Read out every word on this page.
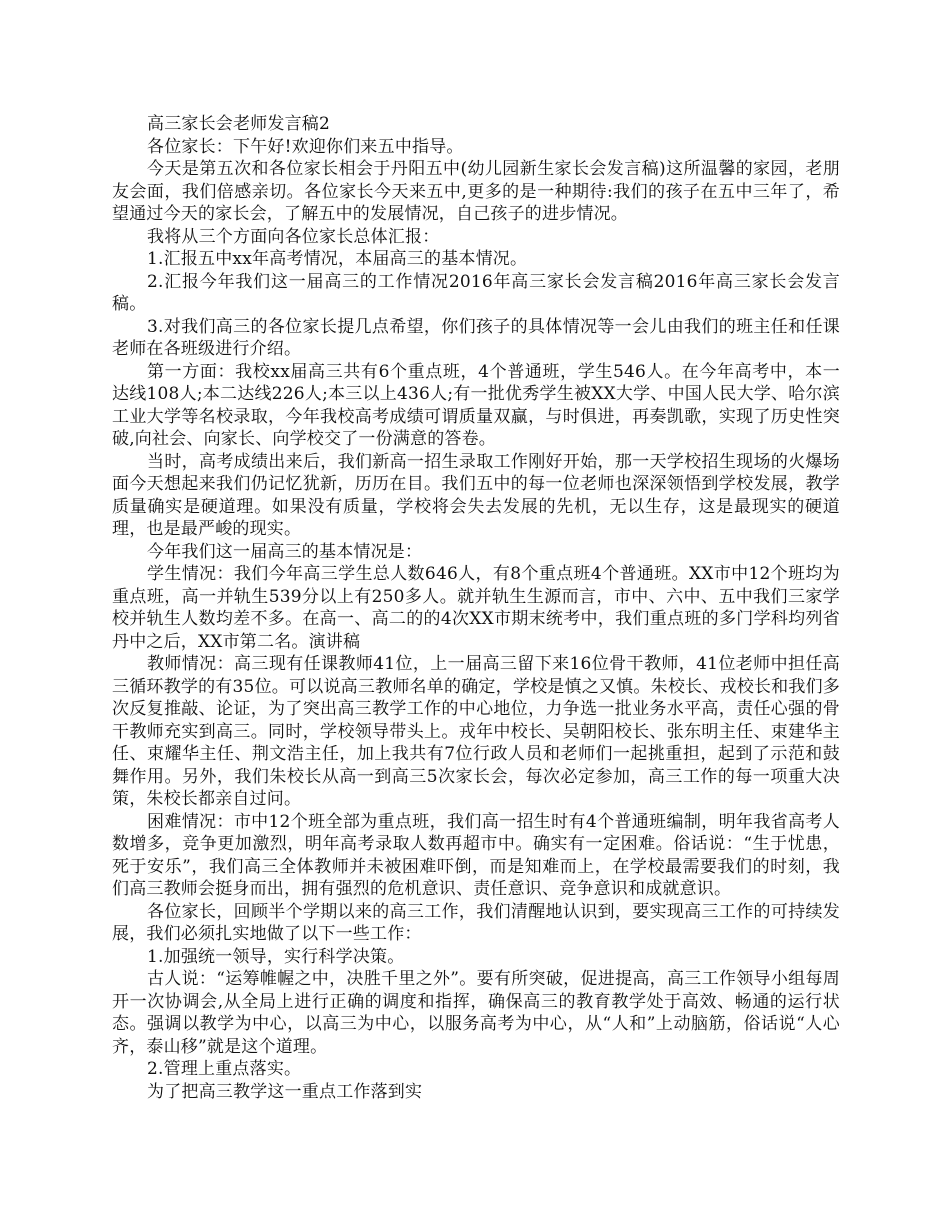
高三家长会老师发言稿2

各位家长：下午好!欢迎你们来五中指导。

今天是第五次和各位家长相会于丹阳五中(幼儿园新生家长会发言稿)这所温馨的家园，老朋友会面，我们倍感亲切。各位家长今天来五中,更多的是一种期待:我们的孩子在五中三年了，希望通过今天的家长会，了解五中的发展情况，自己孩子的进步情况。

我将从三个方面向各位家长总体汇报：

1.汇报五中xx年高考情况，本届高三的基本情况。

2.汇报今年我们这一届高三的工作情况2016年高三家长会发言稿2016年高三家长会发言稿。

3.对我们高三的各位家长提几点希望，你们孩子的具体情况等一会儿由我们的班主任和任课老师在各班级进行介绍。

第一方面：我校xx届高三共有6个重点班，4个普通班，学生546人。在今年高考中，本一达线108人;本二达线226人;本三以上436人;有一批优秀学生被XX大学、中国人民大学、哈尔滨工业大学等名校录取，今年我校高考成绩可谓质量双赢，与时俱进，再奏凯歌，实现了历史性突破,向社会、向家长、向学校交了一份满意的答卷。

当时，高考成绩出来后，我们新高一招生录取工作刚好开始，那一天学校招生现场的火爆场面今天想起来我们仍记忆犹新，历历在目。我们五中的每一位老师也深深领悟到学校发展，教学质量确实是硬道理。如果没有质量，学校将会失去发展的先机，无以生存，这是最现实的硬道理，也是最严峻的现实。

今年我们这一届高三的基本情况是：

学生情况：我们今年高三学生总人数646人，有8个重点班4个普通班。XX市中12个班均为重点班，高一并轨生539分以上有250多人。就并轨生生源而言，市中、六中、五中我们三家学校并轨生人数均差不多。在高一、高二的的4次XX市期末统考中，我们重点班的多门学科均列省丹中之后，XX市第二名。演讲稿

教师情况：高三现有任课教师41位，上一届高三留下来16位骨干教师，41位老师中担任高三循环教学的有35位。可以说高三教师名单的确定，学校是慎之又慎。朱校长、戎校长和我们多次反复推敲、论证，为了突出高三教学工作的中心地位，力争选一批业务水平高，责任心强的骨干教师充实到高三。同时，学校领导带头上。戎年中校长、吴朝阳校长、张东明主任、束建华主任、束耀华主任、荆文浩主任，加上我共有7位行政人员和老师们一起挑重担，起到了示范和鼓舞作用。另外，我们朱校长从高一到高三5次家长会，每次必定参加，高三工作的每一项重大决策，朱校长都亲自过问。

困难情况：市中12个班全部为重点班，我们高一招生时有4个普通班编制，明年我省高考人数增多，竞争更加激烈，明年高考录取人数再超市中。确实有一定困难。俗话说：“生于忧患，死于安乐”，我们高三全体教师并未被困难吓倒，而是知难而上，在学校最需要我们的时刻，我们高三教师会挺身而出，拥有强烈的危机意识、责任意识、竞争意识和成就意识。

各位家长，回顾半个学期以来的高三工作，我们清醒地认识到，要实现高三工作的可持续发展，我们必须扎实地做了以下一些工作：

1.加强统一领导，实行科学决策。

古人说：“运筹帷幄之中，决胜千里之外”。要有所突破，促进提高，高三工作领导小组每周开一次协调会,从全局上进行正确的调度和指挥，确保高三的教育教学处于高效、畅通的运行状态。强调以教学为中心，以高三为中心，以服务高考为中心，从“人和”上动脑筋，俗话说“人心齐，泰山移”就是这个道理。

2.管理上重点落实。

为了把高三教学这一重点工作落到实
